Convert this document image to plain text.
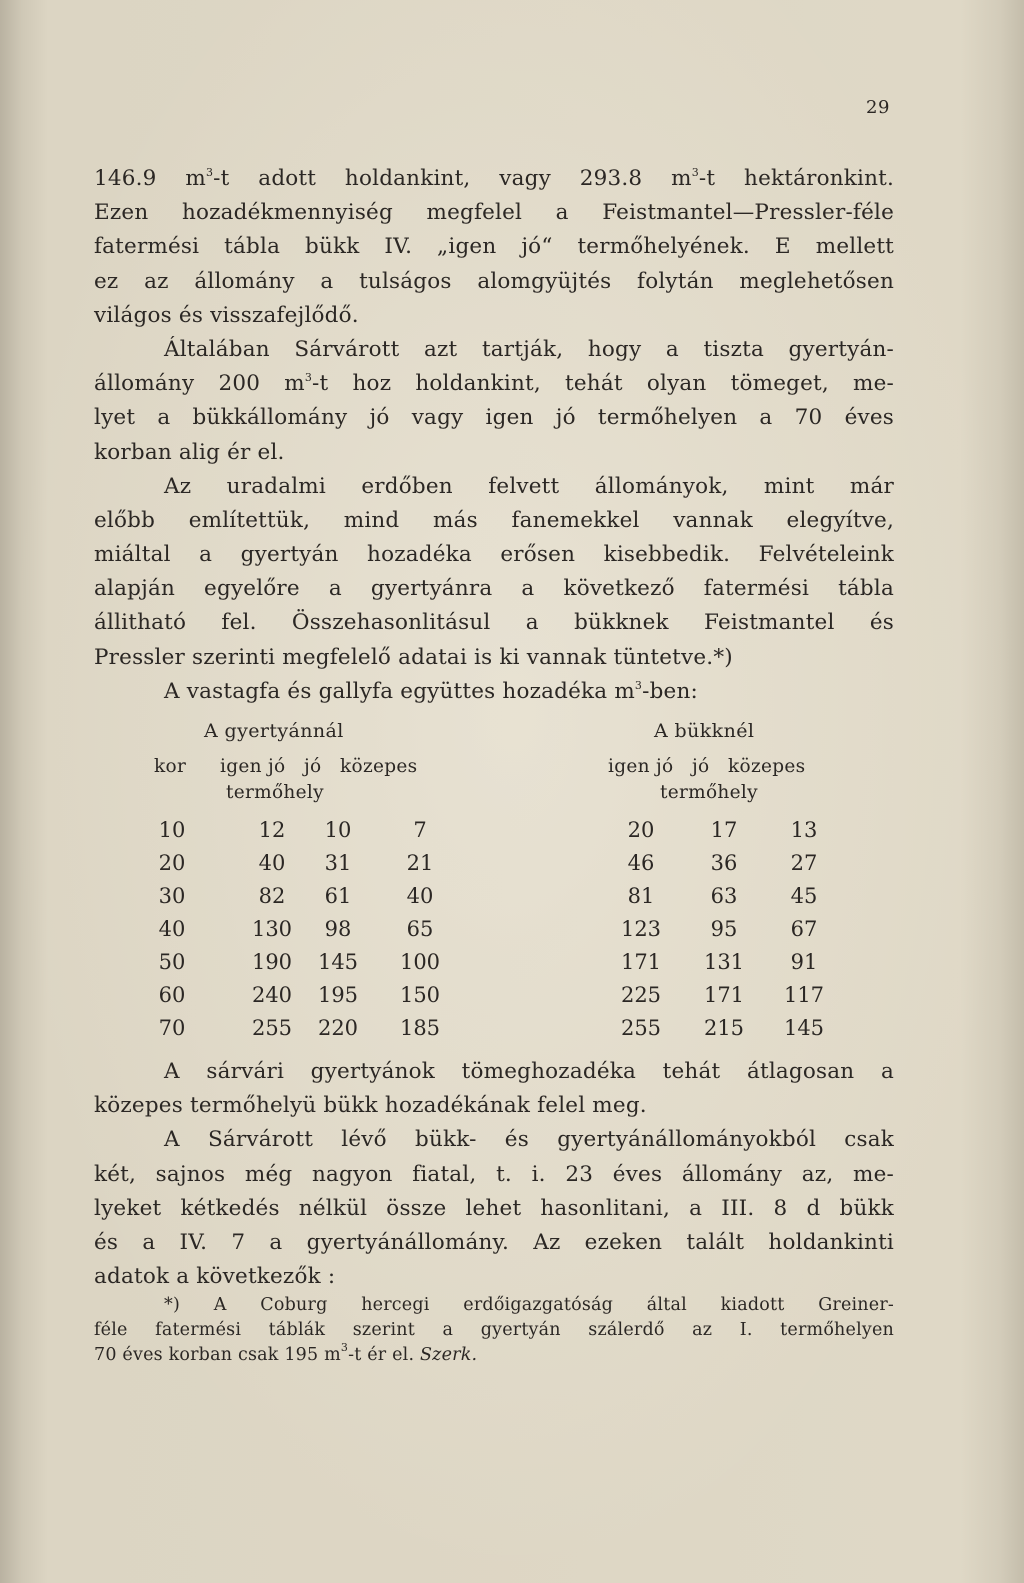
29
146.9 $m^3-t$ adott holdankint, vagy 293.8 $m^3-t$ hektáronkint.
Ezen hozadékmennyiség megfelel a Feistmantel—Pressler-féle
fatermési tábla bükk IV. „igen jó“ termőhelyének. E mellett
ez az állomány a tulságos alomgyüjtés folytán meglehetősen
világos és visszafejlődő.
Általában Sárvárott azt tartják, hogy a tiszta gyertyán-
állomány 200 $m^3-t$ hoz holdankint, tehát olyan tömeget, me-
lyet a bükkállomány jó vagy igen jó termőhelyen a 70 éves
korban alig ér el.
Az uradalmi erdőben felvett állományok, mint már
előbb említettük, mind más fanemekkel vannak elegyítve,
miáltal a gyertyán hozadéka erősen kisebbedik. Felvételeink
alapján egyelőre a gyertyánra a következő fatermési tábla
állitható fel. Összehasonlitásul a bükknek Feistmantel és
Pressler szerinti megfelelő adatai is ki vannak tüntetve.*)
A vastagfa és gallyfa együttes hozadéka $m^3$-ben:
A gyertyánnál	A bükknél
kor igen jó   jó   közepes
termőhely
igen jó   jó   közepes
termőhely
10	12	10	7	20	17	13
20	40	31	21	46	36	27
30	82	61	40	81	63	45
40	130	98	65	123	95	67
50	190	145	100	171	131	91
60	240	195	150	225	171	117
70	255	220	185	255	215	145
A sárvári gyertyánok tömeghozadéka tehát átlagosan a
közepes termőhelyü bükk hozadékának felel meg.
A Sárvárott lévő bükk- és gyertyánállományokból csak
két, sajnos még nagyon fiatal, t. i. 23 éves állomány az, me-
lyeket kétkedés nélkül össze lehet hasonlitani, a III. 8 d bükk
és a IV. 7 a gyertyánállomány. Az ezeken talált holdankinti
adatok a következők :
*) A Coburg hercegi erdőigazgatóság által kiadott Greiner-
féle fatermési táblák szerint a gyertyán szálerdő az I. termőhelyen
70 éves korban csak 195 $m^3-t$ ér el. Szerk.
